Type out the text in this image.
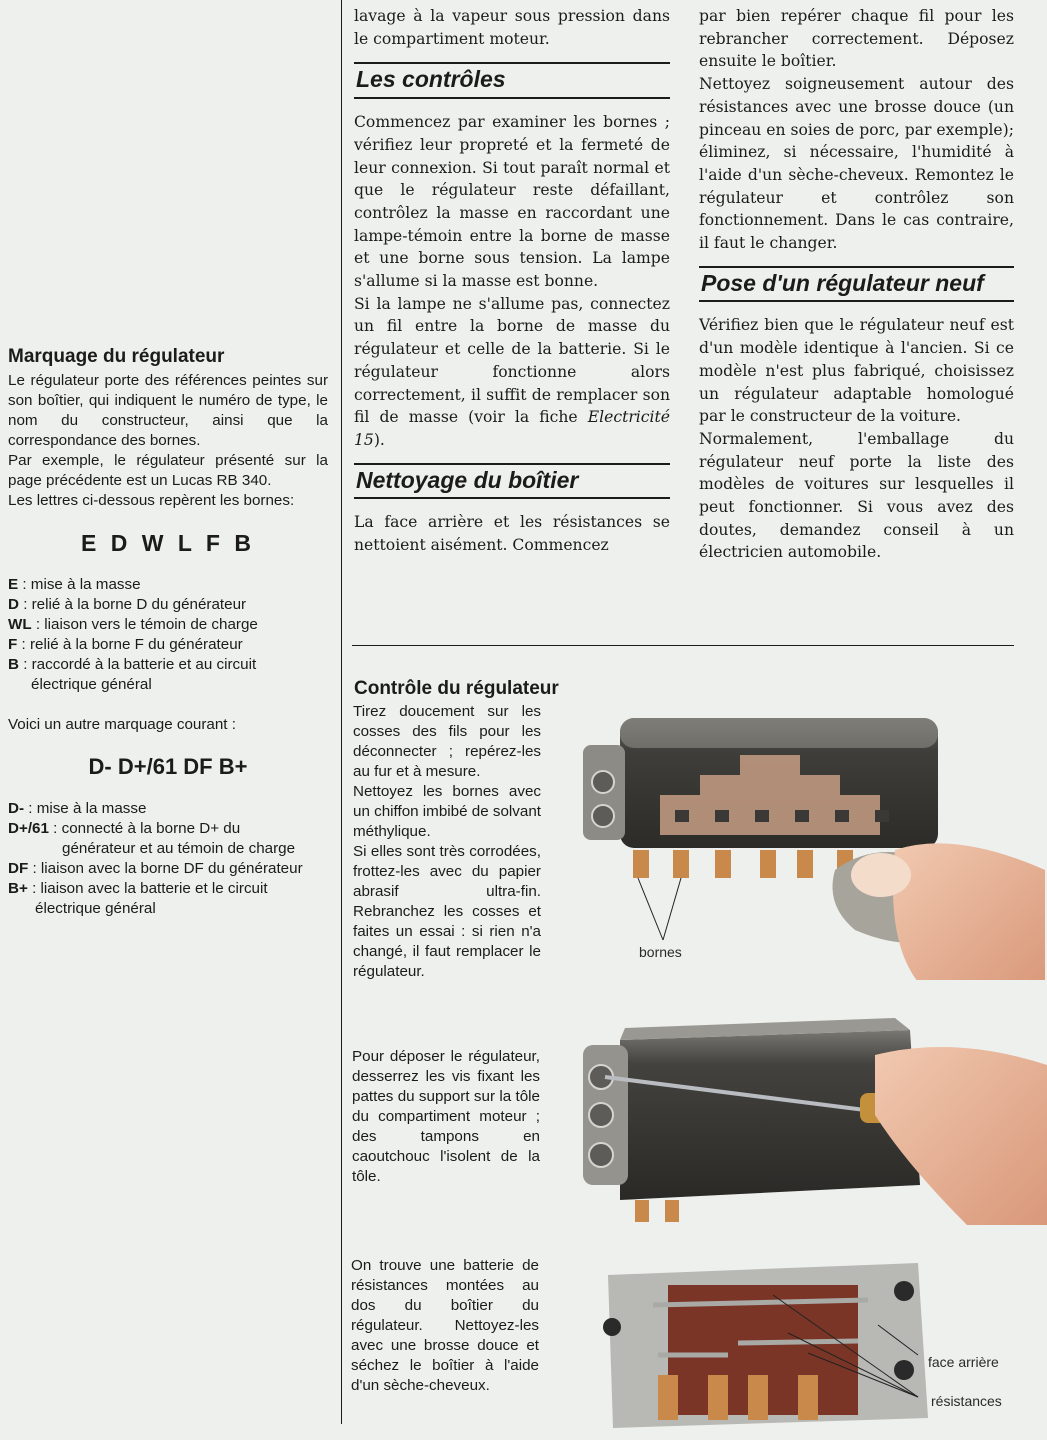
Marquage du régulateur

Le régulateur porte des références peintes sur son boîtier, qui indiquent le numéro de type, le nom du constructeur, ainsi que la correspondance des bornes.

Par exemple, le régulateur présenté sur la page précédente est un Lucas RB 340.

Les lettres ci-dessous repèrent les bornes:

E D W L F B
E : mise à la masse
D : relié à la borne D du générateur
WL : liaison vers le témoin de charge
F : relié à la borne F du générateur
B : raccordé à la batterie et au circuit
électrique général

Voici un autre marquage courant :

D- D+/61 DF B+
D- : mise à la masse
D+/61 : connecté à la borne D+ du
générateur et au témoin de charge
DF : liaison avec la borne DF du générateur
B+ : liaison avec la batterie et le circuit
électrique général

lavage à la vapeur sous pression dans le compartiment moteur.

Les contrôles

Commencez par examiner les bornes ; vérifiez leur propreté et la fermeté de leur connexion. Si tout paraît normal et que le régulateur reste défaillant, contrôlez la masse en raccordant une lampe-témoin entre la borne de masse et une borne sous tension. La lampe s'allume si la masse est bonne.

Si la lampe ne s'allume pas, connectez un fil entre la borne de masse du régulateur et celle de la batterie. Si le régulateur fonctionne alors correctement, il suffit de remplacer son fil de masse (voir la fiche Electricité 15).

Nettoyage du boîtier

La face arrière et les résistances se nettoient aisément. Commencez

par bien repérer chaque fil pour les rebrancher correctement. Déposez ensuite le boîtier.

Nettoyez soigneusement autour des résistances avec une brosse douce (un pinceau en soies de porc, par exemple); éliminez, si nécessaire, l'humidité à l'aide d'un sèche-cheveux. Remontez le régulateur et contrôlez son fonctionnement. Dans le cas contraire, il faut le changer.

Pose d'un régulateur neuf

Vérifiez bien que le régulateur neuf est d'un modèle identique à l'ancien. Si ce modèle n'est plus fabriqué, choisissez un régulateur adaptable homologué par le constructeur de la voiture.

Normalement, l'emballage du régulateur neuf porte la liste des modèles de voitures sur lesquelles il peut fonctionner. Si vous avez des doutes, demandez conseil à un électricien automobile.

Contrôle du régulateur

Tirez doucement sur les cosses des fils pour les déconnecter ; repérez-les au fur et à mesure.

Nettoyez les bornes avec un chiffon imbibé de solvant méthylique.

Si elles sont très corrodées, frottez-les avec du papier abrasif ultra-fin. Rebranchez les cosses et faites un essai : si rien n'a changé, il faut remplacer le régulateur.

Pour déposer le régulateur, desserrez les vis fixant les pattes du support sur la tôle du compartiment moteur ; des tampons en caoutchouc l'isolent de la tôle.

On trouve une batterie de résistances montées au dos du boîtier du régulateur. Nettoyez-les avec une brosse douce et séchez le boîtier à l'aide d'un sèche-cheveux.

bornes
face arrière
résistances
